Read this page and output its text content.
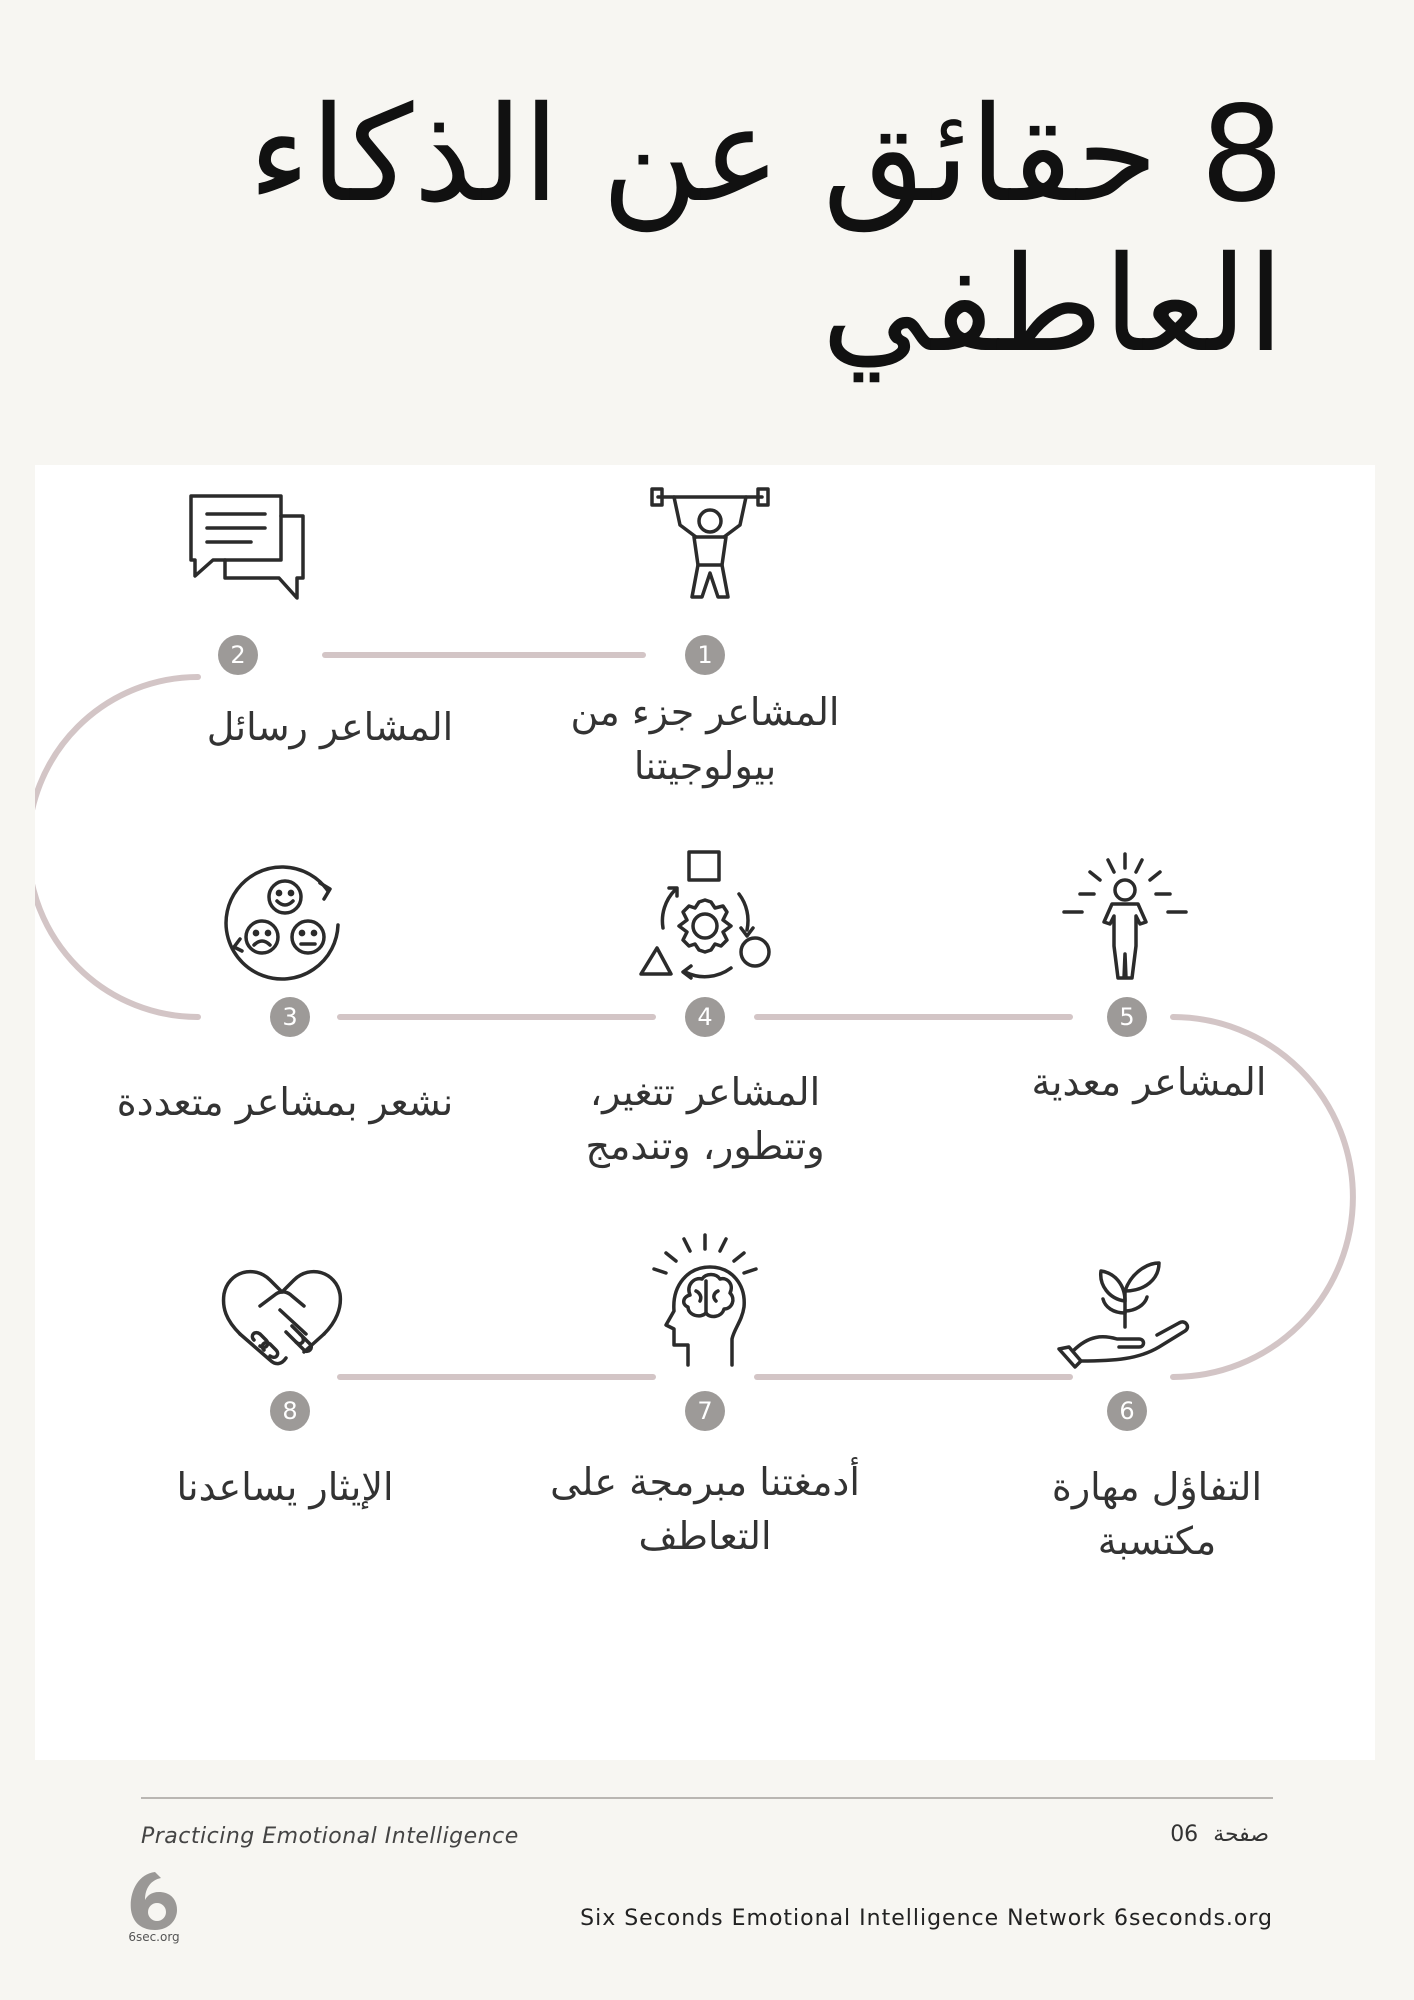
8 حقائق عن الذكاء العاطفي
1
المشاعر جزء من بيولوجيتنا
2
المشاعر رسائل
3
نشعر بمشاعر متعددة
4
المشاعر تتغير، وتتطور، وتندمج
5
المشاعر معدية
6
التفاؤل مهارة مكتسبة
7
أدمغتنا مبرمجة على التعاطف
8
الإيثار يساعدنا
Practicing Emotional Intelligence	صفحة 06
6sec.org
Six Seconds Emotional Intelligence Network 6seconds.org
